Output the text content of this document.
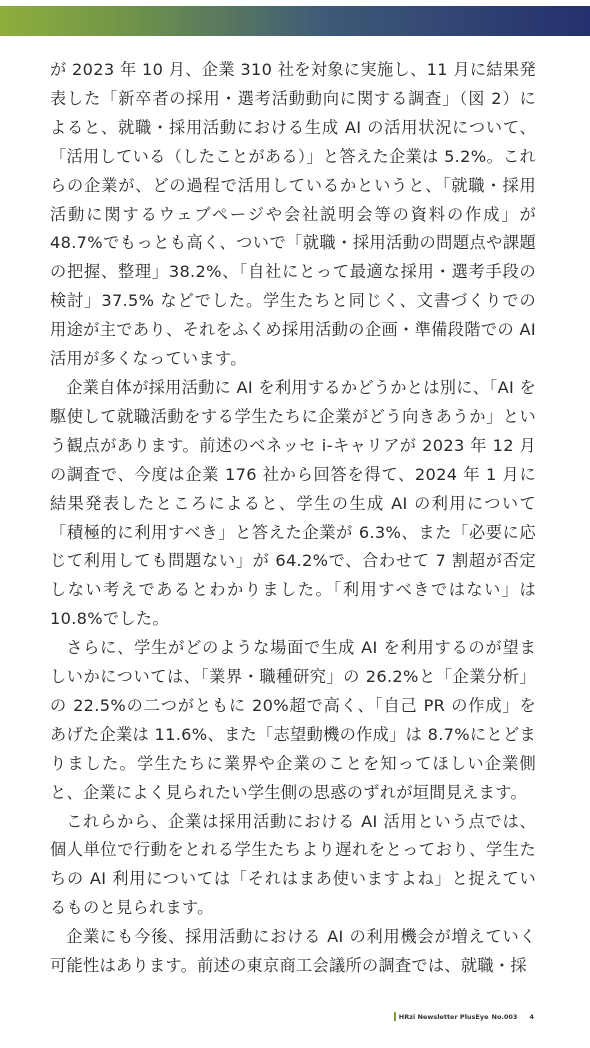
が 2023 年 10 月、企業 310 社を対象に実施し、11 月に結果発表した「新卒者の採用・選考活動動向に関する調査」（図 2）によると、就職・採用活動における生成 AI の活用状況について、「活用している（したことがある）」と答えた企業は 5.2%。これらの企業が、どの過程で活用しているかというと、「就職・採用活動に関するウェブページや会社説明会等の資料の作成」が 48.7%でもっとも高く、ついで「就職・採用活動の問題点や課題の把握、整理」38.2%、「自社にとって最適な採用・選考手段の検討」37.5% などでした。学生たちと同じく、文書づくりでの用途が主であり、それをふくめ採用活動の企画・準備段階での AI 活用が多くなっています。

企業自体が採用活動に AI を利用するかどうかとは別に、「AI を駆使して就職活動をする学生たちに企業がどう向きあうか」という観点があります。前述のベネッセ i-キャリアが 2023 年 12 月の調査で、今度は企業 176 社から回答を得て、2024 年 1 月に結果発表したところによると、学生の生成 AI の利用について「積極的に利用すべき」と答えた企業が 6.3%、また「必要に応じて利用しても問題ない」が 64.2%で、合わせて 7 割超が否定しない考えであるとわかりました。「利用すべきではない」は 10.8%でした。

さらに、学生がどのような場面で生成 AI を利用するのが望ましいかについては、「業界・職種研究」の 26.2%と「企業分析」の 22.5%の二つがともに 20%超で高く、「自己 PR の作成」をあげた企業は 11.6%、また「志望動機の作成」は 8.7%にとどまりました。学生たちに業界や企業のことを知ってほしい企業側と、企業によく見られたい学生側の思惑のずれが垣間見えます。

これらから、企業は採用活動における AI 活用という点では、個人単位で行動をとれる学生たちより遅れをとっており、学生たちの AI 利用については「それはまあ使いますよね」と捉えているものと見られます。

企業にも今後、採用活動における AI の利用機会が増えていく可能性はあります。前述の東京商工会議所の調査では、就職・採

HRzi Newsletter PlusEye No.003 4
